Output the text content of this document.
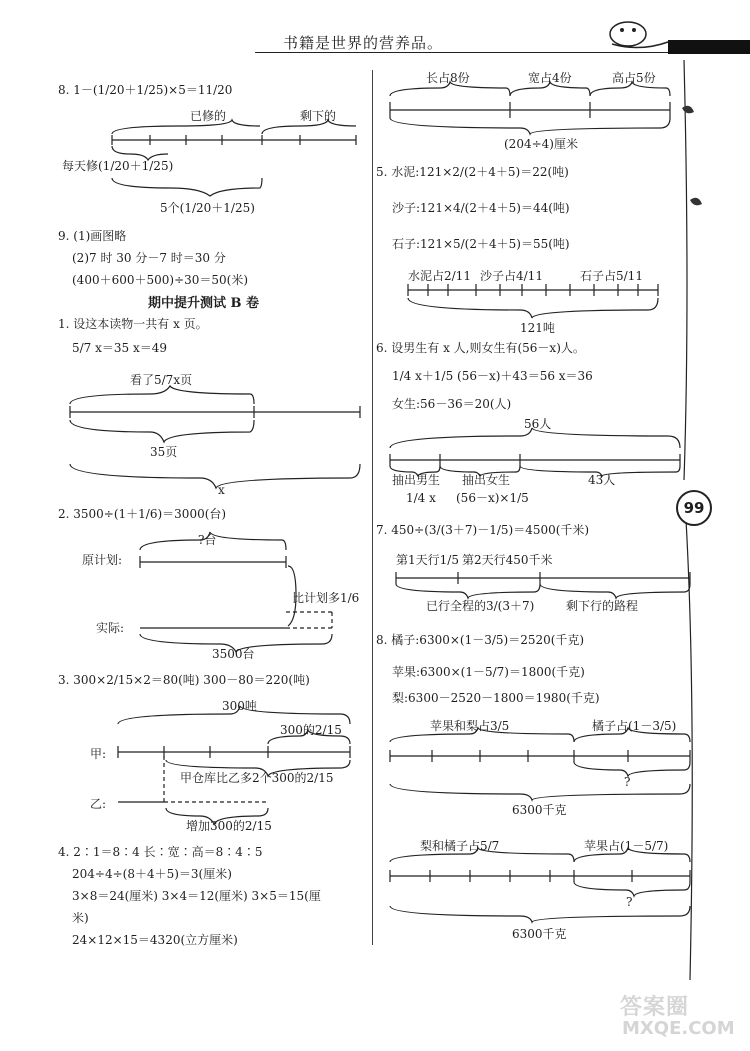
书籍是世界的营养品。
99
8. 1－(1/20＋1/25)×5＝11/20
已修的	剩下的
每天修(1/20＋1/25)
5个(1/20＋1/25)
9. (1)画图略
(2)7 时 30 分－7 时＝30 分
(400＋600＋500)÷30＝50(米)
期中提升测试 B 卷
1. 设这本读物一共有 x 页。
5/7 x＝35 x＝49
看了5/7x页
35页
x
2. 3500÷(1＋1/6)＝3000(台)
?台
原计划:
比计划多1/6
实际:
3500台
3. 300×2/15×2＝80(吨) 300－80＝220(吨)
300吨
300的2/15
甲:
甲仓库比乙多2个300的2/15
乙:
增加300的2/15
4. 2∶1＝8∶4 长∶宽∶高＝8∶4∶5
204÷4÷(8＋4＋5)＝3(厘米)
3×8＝24(厘米) 3×4＝12(厘米) 3×5＝15(厘
米)
24×12×15＝4320(立方厘米)
长占8份	宽占4份	高占5份
(204÷4)厘米
5. 水泥:121×2/(2＋4＋5)＝22(吨)
沙子:121×4/(2＋4＋5)＝44(吨)
石子:121×5/(2＋4＋5)＝55(吨)
水泥占2/11 沙子占4/11	石子占5/11
121吨
6. 设男生有 x 人,则女生有(56－x)人。
1/4 x＋1/5 (56－x)＋43＝56 x＝36
女生:56－36＝20(人)
56人
抽出男生 抽出女生	43人
1/4 x (56－x)×1/5
7. 450÷(3/(3＋7)－1/5)＝4500(千米)
第1天行1/5 第2天行450千米
已行全程的3/(3＋7)	剩下行的路程
8. 橘子:6300×(1－3/5)＝2520(千克)
苹果:6300×(1－5/7)＝1800(千克)
梨:6300－2520－1800＝1980(千克)
苹果和梨占3/5	橘子占(1－3/5)
?
6300千克
梨和橘子占5/7	苹果占(1－5/7)
?
6300千克
答案圈
MXQE.COM
